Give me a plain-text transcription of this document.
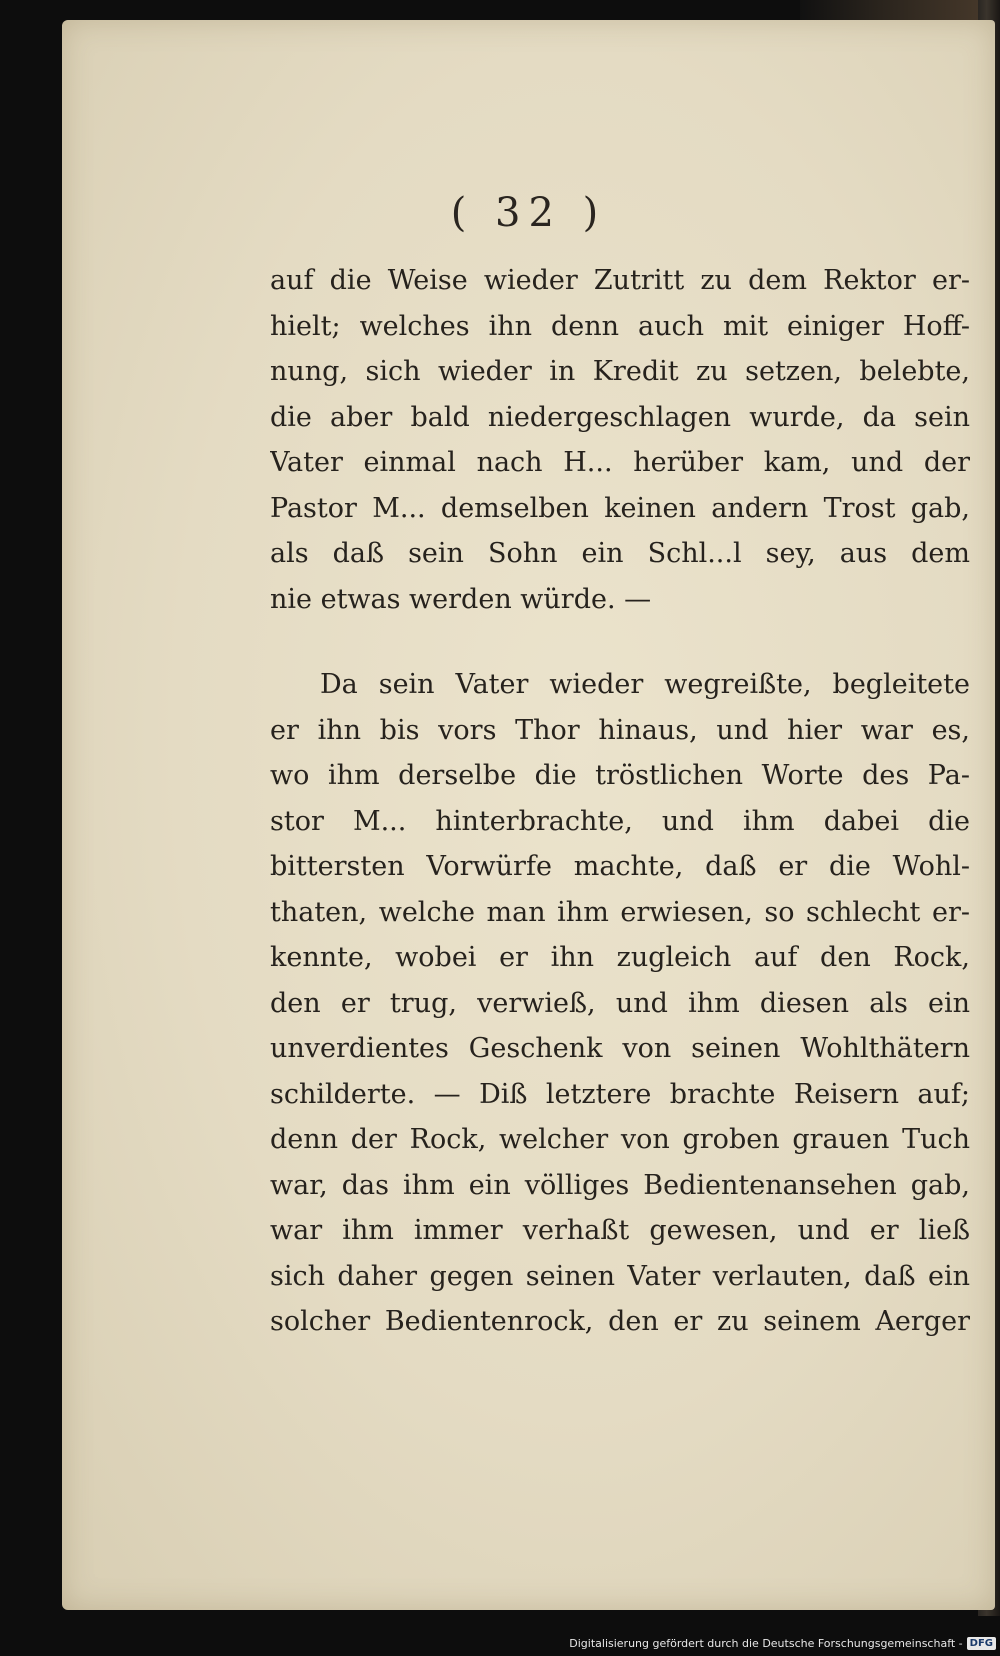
( 32 )
auf die Weise wieder Zutritt zu dem Rektor er-
hielt; welches ihn denn auch mit einiger Hoff-
nung, sich wieder in Kredit zu setzen, belebte,
die aber bald niedergeschlagen wurde, da sein
Vater einmal nach H... herüber kam, und der
Pastor M... demselben keinen andern Trost gab,
als daß sein Sohn ein Schl...l sey, aus dem
nie etwas werden würde. —
Da sein Vater wieder wegreißte, begleitete
er ihn bis vors Thor hinaus, und hier war es,
wo ihm derselbe die tröstlichen Worte des Pa-
stor M... hinterbrachte, und ihm dabei die
bittersten Vorwürfe machte, daß er die Wohl-
thaten, welche man ihm erwiesen, so schlecht er-
kennte, wobei er ihn zugleich auf den Rock,
den er trug, verwieß, und ihm diesen als ein
unverdientes Geschenk von seinen Wohlthätern
schilderte. — Diß letztere brachte Reisern auf;
denn der Rock, welcher von groben grauen Tuch
war, das ihm ein völliges Bedientenansehen gab,
war ihm immer verhaßt gewesen, und er ließ
sich daher gegen seinen Vater verlauten, daß ein
solcher Bedientenrock, den er zu seinem Aerger
Digitalisierung gefördert durch die Deutsche Forschungsgemeinschaft - DFG
